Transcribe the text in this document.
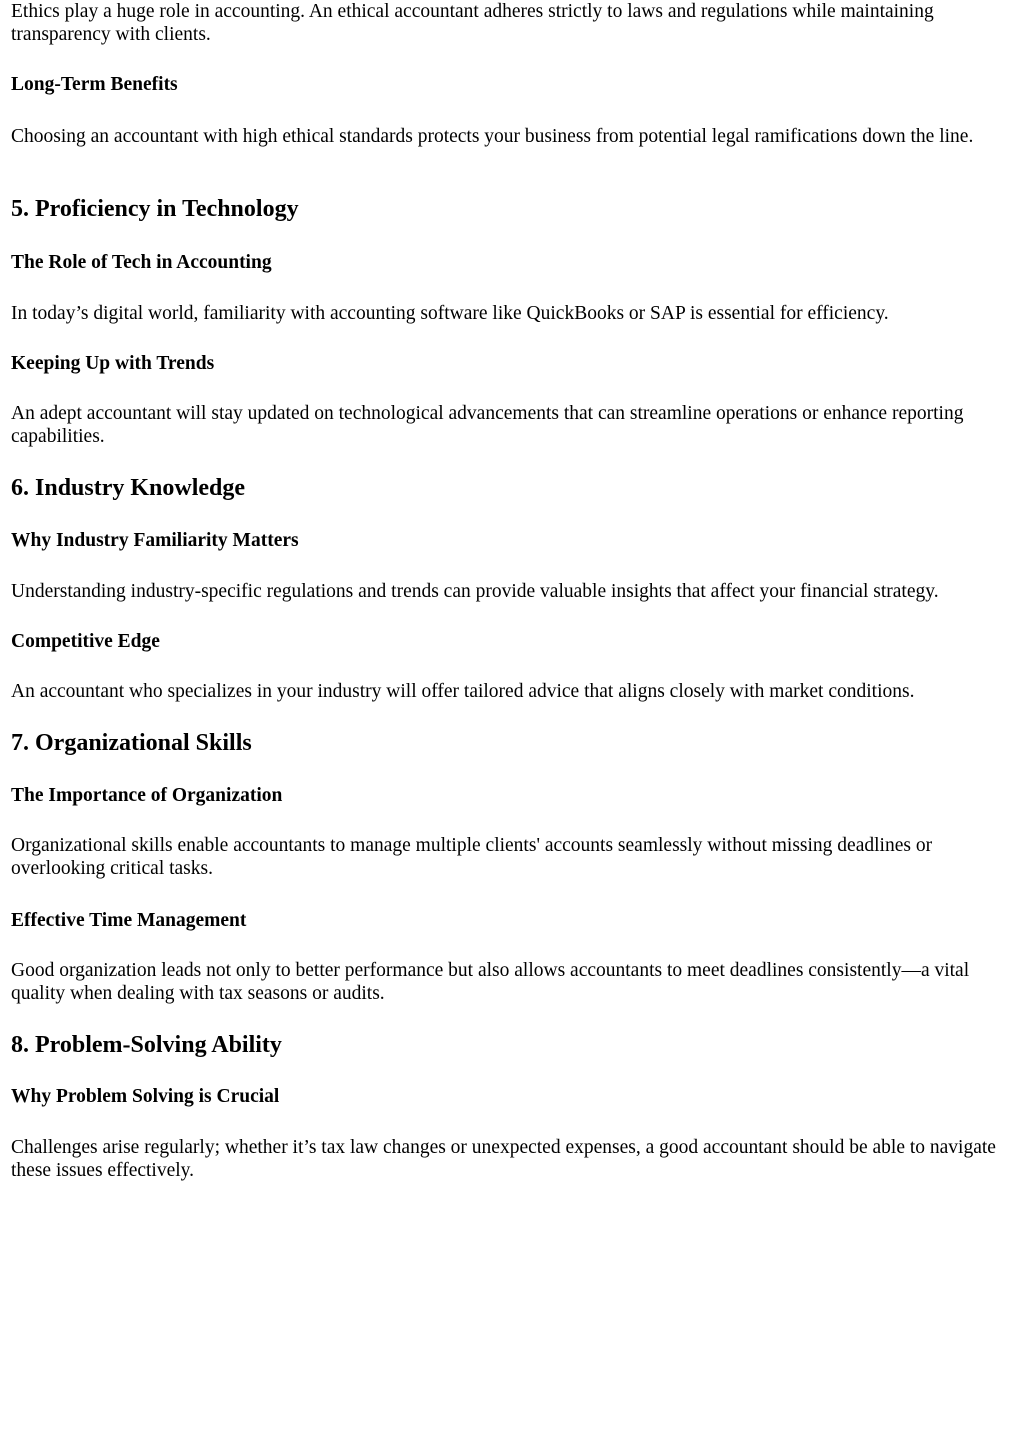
Ethics play a huge role in accounting. An ethical accountant adheres strictly to laws and regulations while maintaining transparency with clients.

Long-Term Benefits

Choosing an accountant with high ethical standards protects your business from potential legal ramifications down the line.

5. Proficiency in Technology
The Role of Tech in Accounting

In today’s digital world, familiarity with accounting software like QuickBooks or SAP is essential for efficiency.

Keeping Up with Trends

An adept accountant will stay updated on technological advancements that can streamline operations or enhance reporting capabilities.

6. Industry Knowledge
Why Industry Familiarity Matters

Understanding industry-specific regulations and trends can provide valuable insights that affect your financial strategy.

Competitive Edge

An accountant who specializes in your industry will offer tailored advice that aligns closely with market conditions.

7. Organizational Skills
The Importance of Organization

Organizational skills enable accountants to manage multiple clients' accounts seamlessly without missing deadlines or overlooking critical tasks.

Effective Time Management

Good organization leads not only to better performance but also allows accountants to meet deadlines consistently—a vital quality when dealing with tax seasons or audits.

8. Problem-Solving Ability
Why Problem Solving is Crucial

Challenges arise regularly; whether it’s tax law changes or unexpected expenses, a good accountant should be able to navigate these issues effectively.
